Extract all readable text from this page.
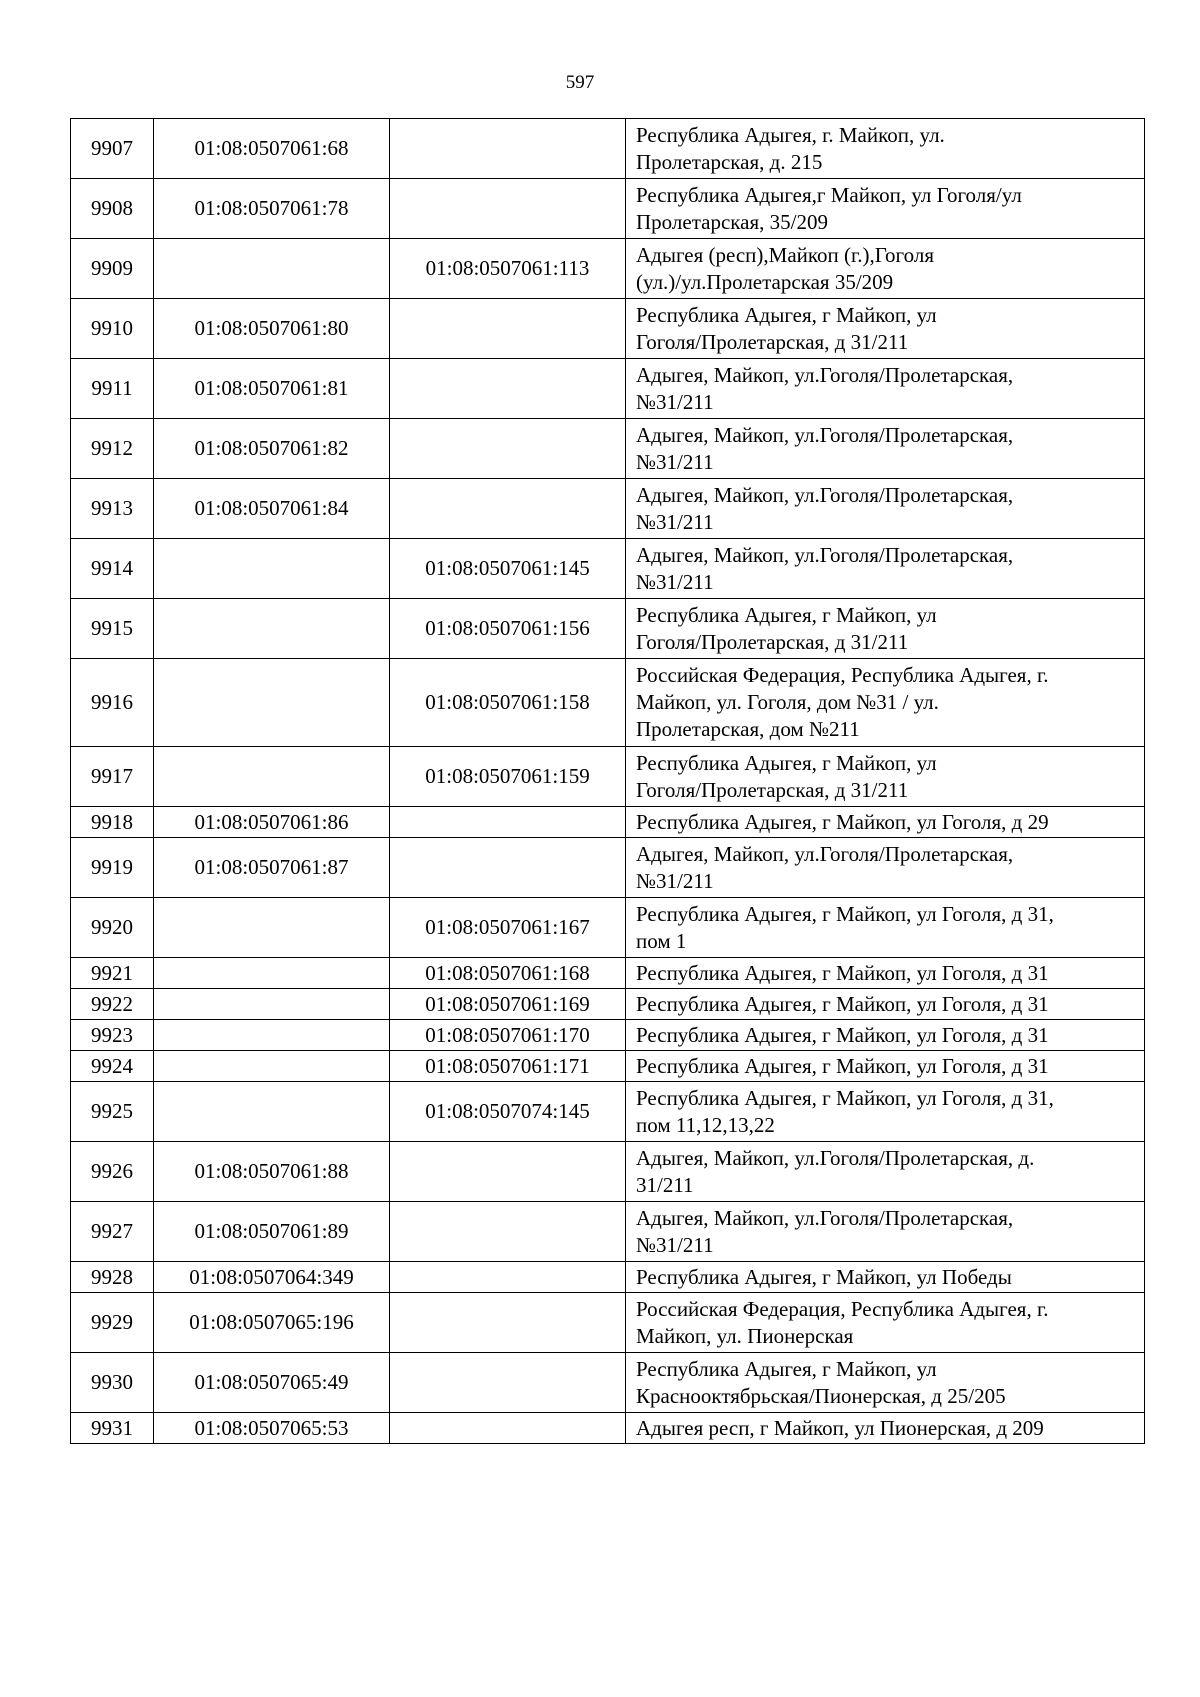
597
9907	01:08:0507061:68		Республика Адыгея, г. Майкоп, ул.
Пролетарская, д. 215

9908	01:08:0507061:78		Республика Адыгея,г Майкоп, ул Гоголя/ул
Пролетарская, 35/209

9909		01:08:0507061:113	Адыгея (респ),Майкоп (г.),Гоголя
(ул.)/ул.Пролетарская 35/209

9910	01:08:0507061:80		Республика Адыгея, г Майкоп, ул
Гоголя/Пролетарская, д 31/211

9911	01:08:0507061:81		Адыгея, Майкоп, ул.Гоголя/Пролетарская,
№31/211

9912	01:08:0507061:82		Адыгея, Майкоп, ул.Гоголя/Пролетарская,
№31/211

9913	01:08:0507061:84		Адыгея, Майкоп, ул.Гоголя/Пролетарская,
№31/211

9914		01:08:0507061:145	Адыгея, Майкоп, ул.Гоголя/Пролетарская,
№31/211

9915		01:08:0507061:156	Республика Адыгея, г Майкоп, ул
Гоголя/Пролетарская, д 31/211

9916		01:08:0507061:158	Российская Федерация, Республика Адыгея, г.
Майкоп, ул. Гоголя, дом №31 / ул.
Пролетарская, дом №211

9917		01:08:0507061:159	Республика Адыгея, г Майкоп, ул
Гоголя/Пролетарская, д 31/211

9918	01:08:0507061:86		Республика Адыгея, г Майкоп, ул Гоголя, д 29

9919	01:08:0507061:87		Адыгея, Майкоп, ул.Гоголя/Пролетарская,
№31/211

9920		01:08:0507061:167	Республика Адыгея, г Майкоп, ул Гоголя, д 31,
пом 1

9921		01:08:0507061:168	Республика Адыгея, г Майкоп, ул Гоголя, д 31

9922		01:08:0507061:169	Республика Адыгея, г Майкоп, ул Гоголя, д 31

9923		01:08:0507061:170	Республика Адыгея, г Майкоп, ул Гоголя, д 31

9924		01:08:0507061:171	Республика Адыгея, г Майкоп, ул Гоголя, д 31

9925		01:08:0507074:145	Республика Адыгея, г Майкоп, ул Гоголя, д 31,
пом 11,12,13,22

9926	01:08:0507061:88		Адыгея, Майкоп, ул.Гоголя/Пролетарская, д.
31/211

9927	01:08:0507061:89		Адыгея, Майкоп, ул.Гоголя/Пролетарская,
№31/211

9928	01:08:0507064:349		Республика Адыгея, г Майкоп, ул Победы

9929	01:08:0507065:196		Российская Федерация, Республика Адыгея, г.
Майкоп, ул. Пионерская

9930	01:08:0507065:49		Республика Адыгея, г Майкоп, ул
Краснооктябрьская/Пионерская, д 25/205

9931	01:08:0507065:53		Адыгея респ, г Майкоп, ул Пионерская, д 209
